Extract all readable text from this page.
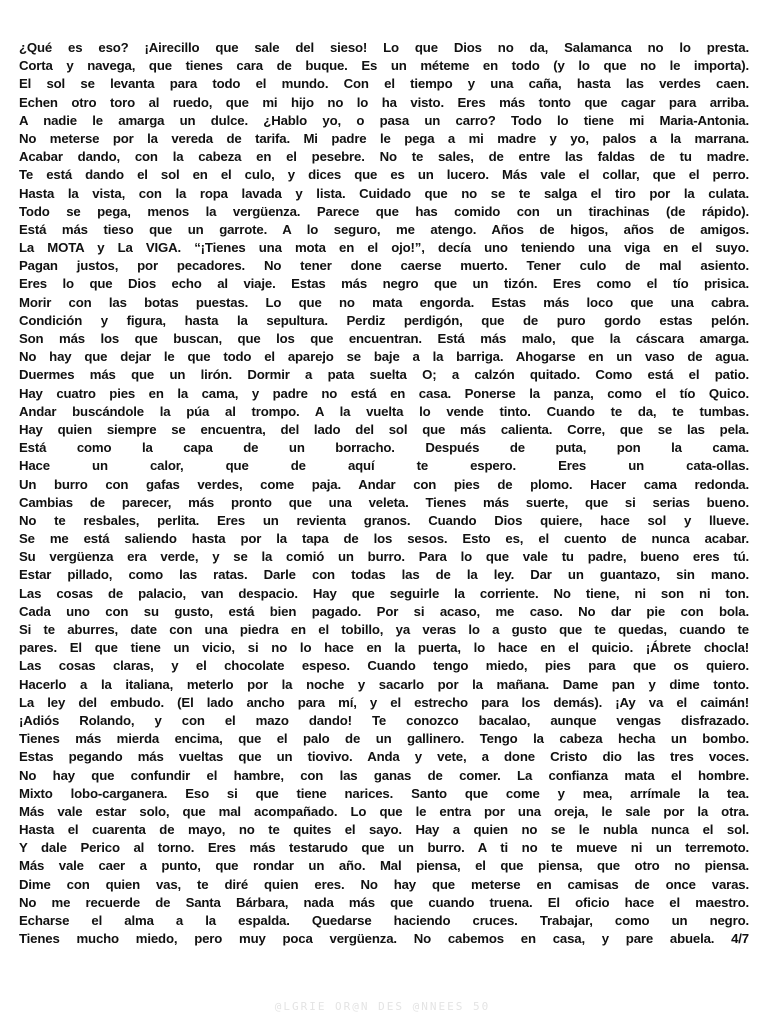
¿Qué es eso? ¡Airecillo que sale del sieso! Lo que Dios no da, Salamanca no lo presta.
Corta y navega, que tienes cara de buque. Es un méteme en todo (y lo que no le importa).
El sol se levanta para todo el mundo. Con el tiempo y una caña, hasta las verdes caen.
Echen otro toro al ruedo, que mi hijo no lo ha visto. Eres más tonto que cagar para arriba.
A nadie le amarga un dulce. ¿Hablo yo, o pasa un carro? Todo lo tiene mi Maria-Antonia.
No meterse por la vereda de tarifa. Mi padre le pega a mi madre y yo, palos a la marrana.
Acabar dando, con la cabeza en el pesebre. No te sales, de entre las faldas de tu madre.
Te está dando el sol en el culo, y dices que es un lucero. Más vale el collar, que el perro.
Hasta la vista, con la ropa lavada y lista. Cuidado que no se te salga el tiro por la culata.
Todo se pega, menos la vergüenza. Parece que has comido con un tirachinas (de rápido).
Está más tieso que un garrote. A lo seguro, me atengo. Años de higos, años de amigos.
La MOTA y La VIGA. “¡Tienes una mota en el ojo!”, decía uno teniendo una viga en el suyo.
Pagan justos, por pecadores. No tener done caerse muerto. Tener culo de mal asiento.
Eres lo que Dios echo al viaje. Estas más negro que un tizón. Eres como el tío prisica.
Morir con las botas puestas. Lo que no mata engorda. Estas más loco que una cabra.
Condición y figura, hasta la sepultura. Perdiz perdigón, que de puro gordo estas pelón.
Son más los que buscan, que los que encuentran. Está más malo, que la cáscara amarga.
No hay que dejar le que todo el aparejo se baje a la barriga. Ahogarse en un vaso de agua.
Duermes más que un lirón. Dormir a pata suelta O; a calzón quitado. Como está el patio.
Hay cuatro pies en la cama, y padre no está en casa. Ponerse la panza, como el tío Quico.
Andar buscándole la púa al trompo. A la vuelta lo vende tinto. Cuando te da, te tumbas.
Hay quien siempre se encuentra, del lado del sol que más calienta. Corre, que se las pela.
Está como la capa de un borracho. Después de puta, pon la cama.
Hace un calor, que de aquí te espero. Eres un cata-ollas.
Un burro con gafas verdes, come paja. Andar con pies de plomo. Hacer cama redonda.
Cambias de parecer, más pronto que una veleta. Tienes más suerte, que si serias bueno.
No te resbales, perlita. Eres un revienta granos. Cuando Dios quiere, hace sol y llueve.
Se me está saliendo hasta por la tapa de los sesos. Esto es, el cuento de nunca acabar.
Su vergüenza era verde, y se la comió un burro. Para lo que vale tu padre, bueno eres tú.
Estar pillado, como las ratas. Darle con todas las de la ley. Dar un guantazo, sin mano.
Las cosas de palacio, van despacio. Hay que seguirle la corriente. No tiene, ni son ni ton.
Cada uno con su gusto, está bien pagado. Por si acaso, me caso. No dar pie con bola.
Si te aburres, date con una piedra en el tobillo, ya veras lo a gusto que te quedas, cuando te
pares. El que tiene un vicio, si no lo hace en la puerta, lo hace en el quicio. ¡Ábrete chocla!
Las cosas claras, y el chocolate espeso. Cuando tengo miedo, pies para que os quiero.
Hacerlo a la italiana, meterlo por la noche y sacarlo por la mañana. Dame pan y dime tonto.
La ley del embudo. (El lado ancho para mí, y el estrecho para los demás). ¡Ay va el caimán!
¡Adiós Rolando, y con el mazo dando! Te conozco bacalao, aunque vengas disfrazado.
Tienes más mierda encima, que el palo de un gallinero. Tengo la cabeza hecha un bombo.
Estas pegando más vueltas que un tiovivo. Anda y vete, a done Cristo dio las tres voces.
No hay que confundir el hambre, con las ganas de comer. La confianza mata el hombre.
Mixto lobo-carganera. Eso si que tiene narices. Santo que come y mea, arrímale la tea.
Más vale estar solo, que mal acompañado. Lo que le entra por una oreja, le sale por la otra.
Hasta el cuarenta de mayo, no te quites el sayo. Hay a quien no se le nubla nunca el sol.
Y dale Perico al torno. Eres más testarudo que un burro. A ti no te mueve ni un terremoto.
Más vale caer a punto, que rondar un año. Mal piensa, el que piensa, que otro no piensa.
Dime con quien vas, te diré quien eres. No hay que meterse en camisas de once varas.
No me recuerde de Santa Bárbara, nada más que cuando truena. El oficio hace el maestro.
Echarse el alma a la espalda. Quedarse haciendo cruces. Trabajar, como un negro.
Tienes mucho miedo, pero muy poca vergüenza. No cabemos en casa, y pare abuela. 4/7
@LGRIE OR@N DES @NNEES 50
